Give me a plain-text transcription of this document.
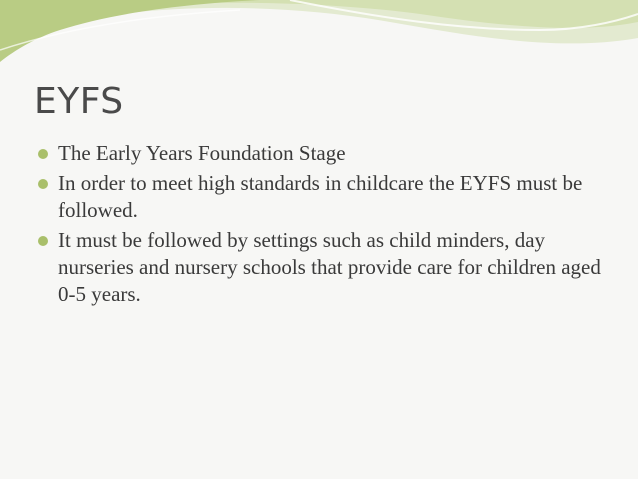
EYFS
The Early Years Foundation Stage
In order to meet high standards in childcare the EYFS must be followed.
It must be followed by settings such as child minders, day nurseries and nursery schools that provide care for children aged 0-5 years.
